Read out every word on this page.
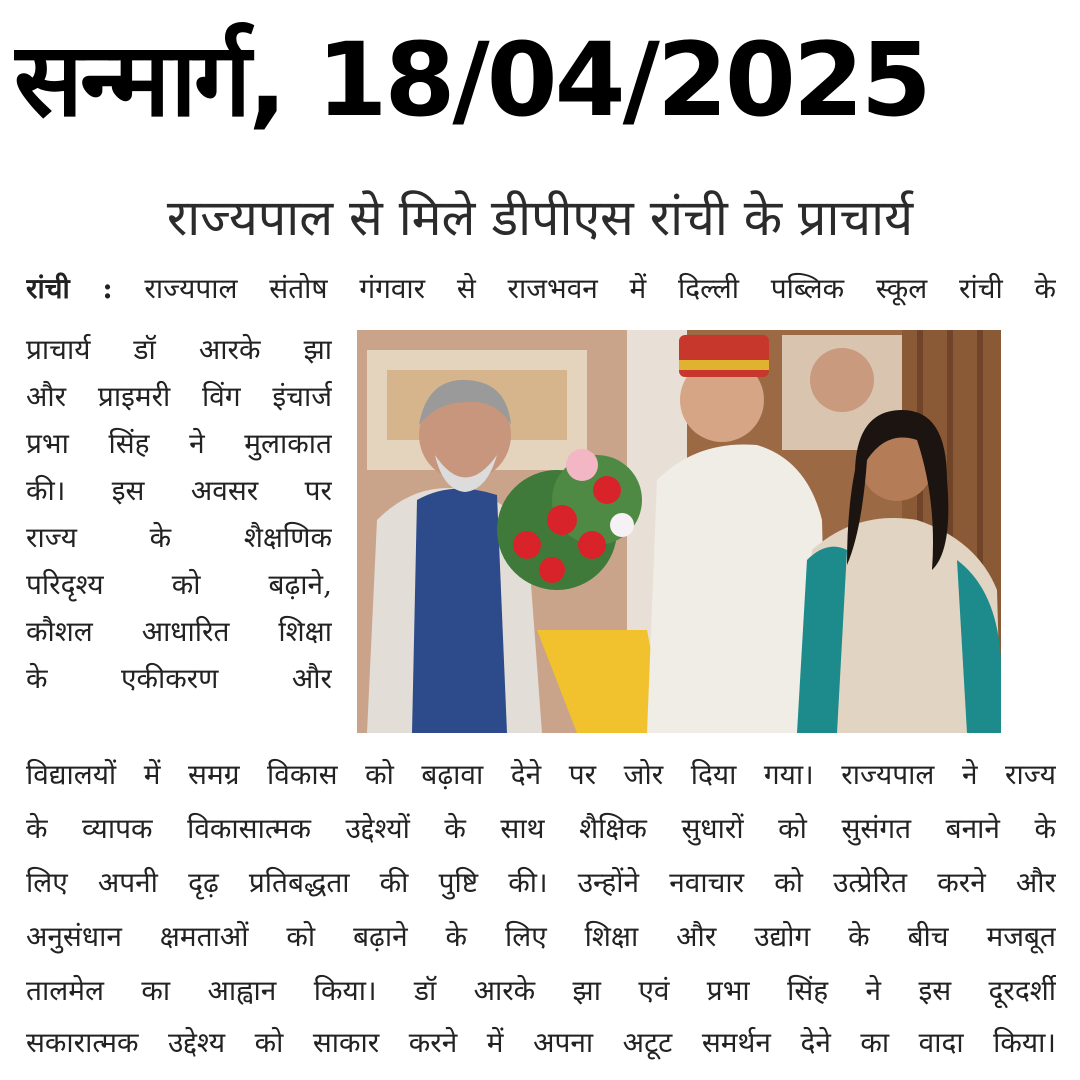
सन्मार्ग, 18/04/2025
राज्यपाल से मिले डीपीएस रांची के प्राचार्य
रांची : राज्यपाल संतोष गंगवार से राजभवन में दिल्ली पब्लिक स्कूल रांची के
प्राचार्य डॉ आरके झा
और प्राइमरी विंग इंचार्ज
प्रभा सिंह ने मुलाकात
की। इस अवसर पर
राज्य के शैक्षणिक
परिदृश्य को बढ़ाने,
कौशल आधारित शिक्षा
के एकीकरण और
विद्यालयों में समग्र विकास को बढ़ावा देने पर जोर दिया गया। राज्यपाल ने राज्य
के व्यापक विकासात्मक उद्देश्यों के साथ शैक्षिक सुधारों को सुसंगत बनाने के
लिए अपनी दृढ़ प्रतिबद्धता की पुष्टि की। उन्होंने नवाचार को उत्प्रेरित करने और
अनुसंधान क्षमताओं को बढ़ाने के लिए शिक्षा और उद्योग के बीच मजबूत
तालमेल का आह्वान किया। डॉ आरके झा एवं प्रभा सिंह ने इस दूरदर्शी
सकारात्मक उद्देश्य को साकार करने में अपना अटूट समर्थन देने का वादा किया।
